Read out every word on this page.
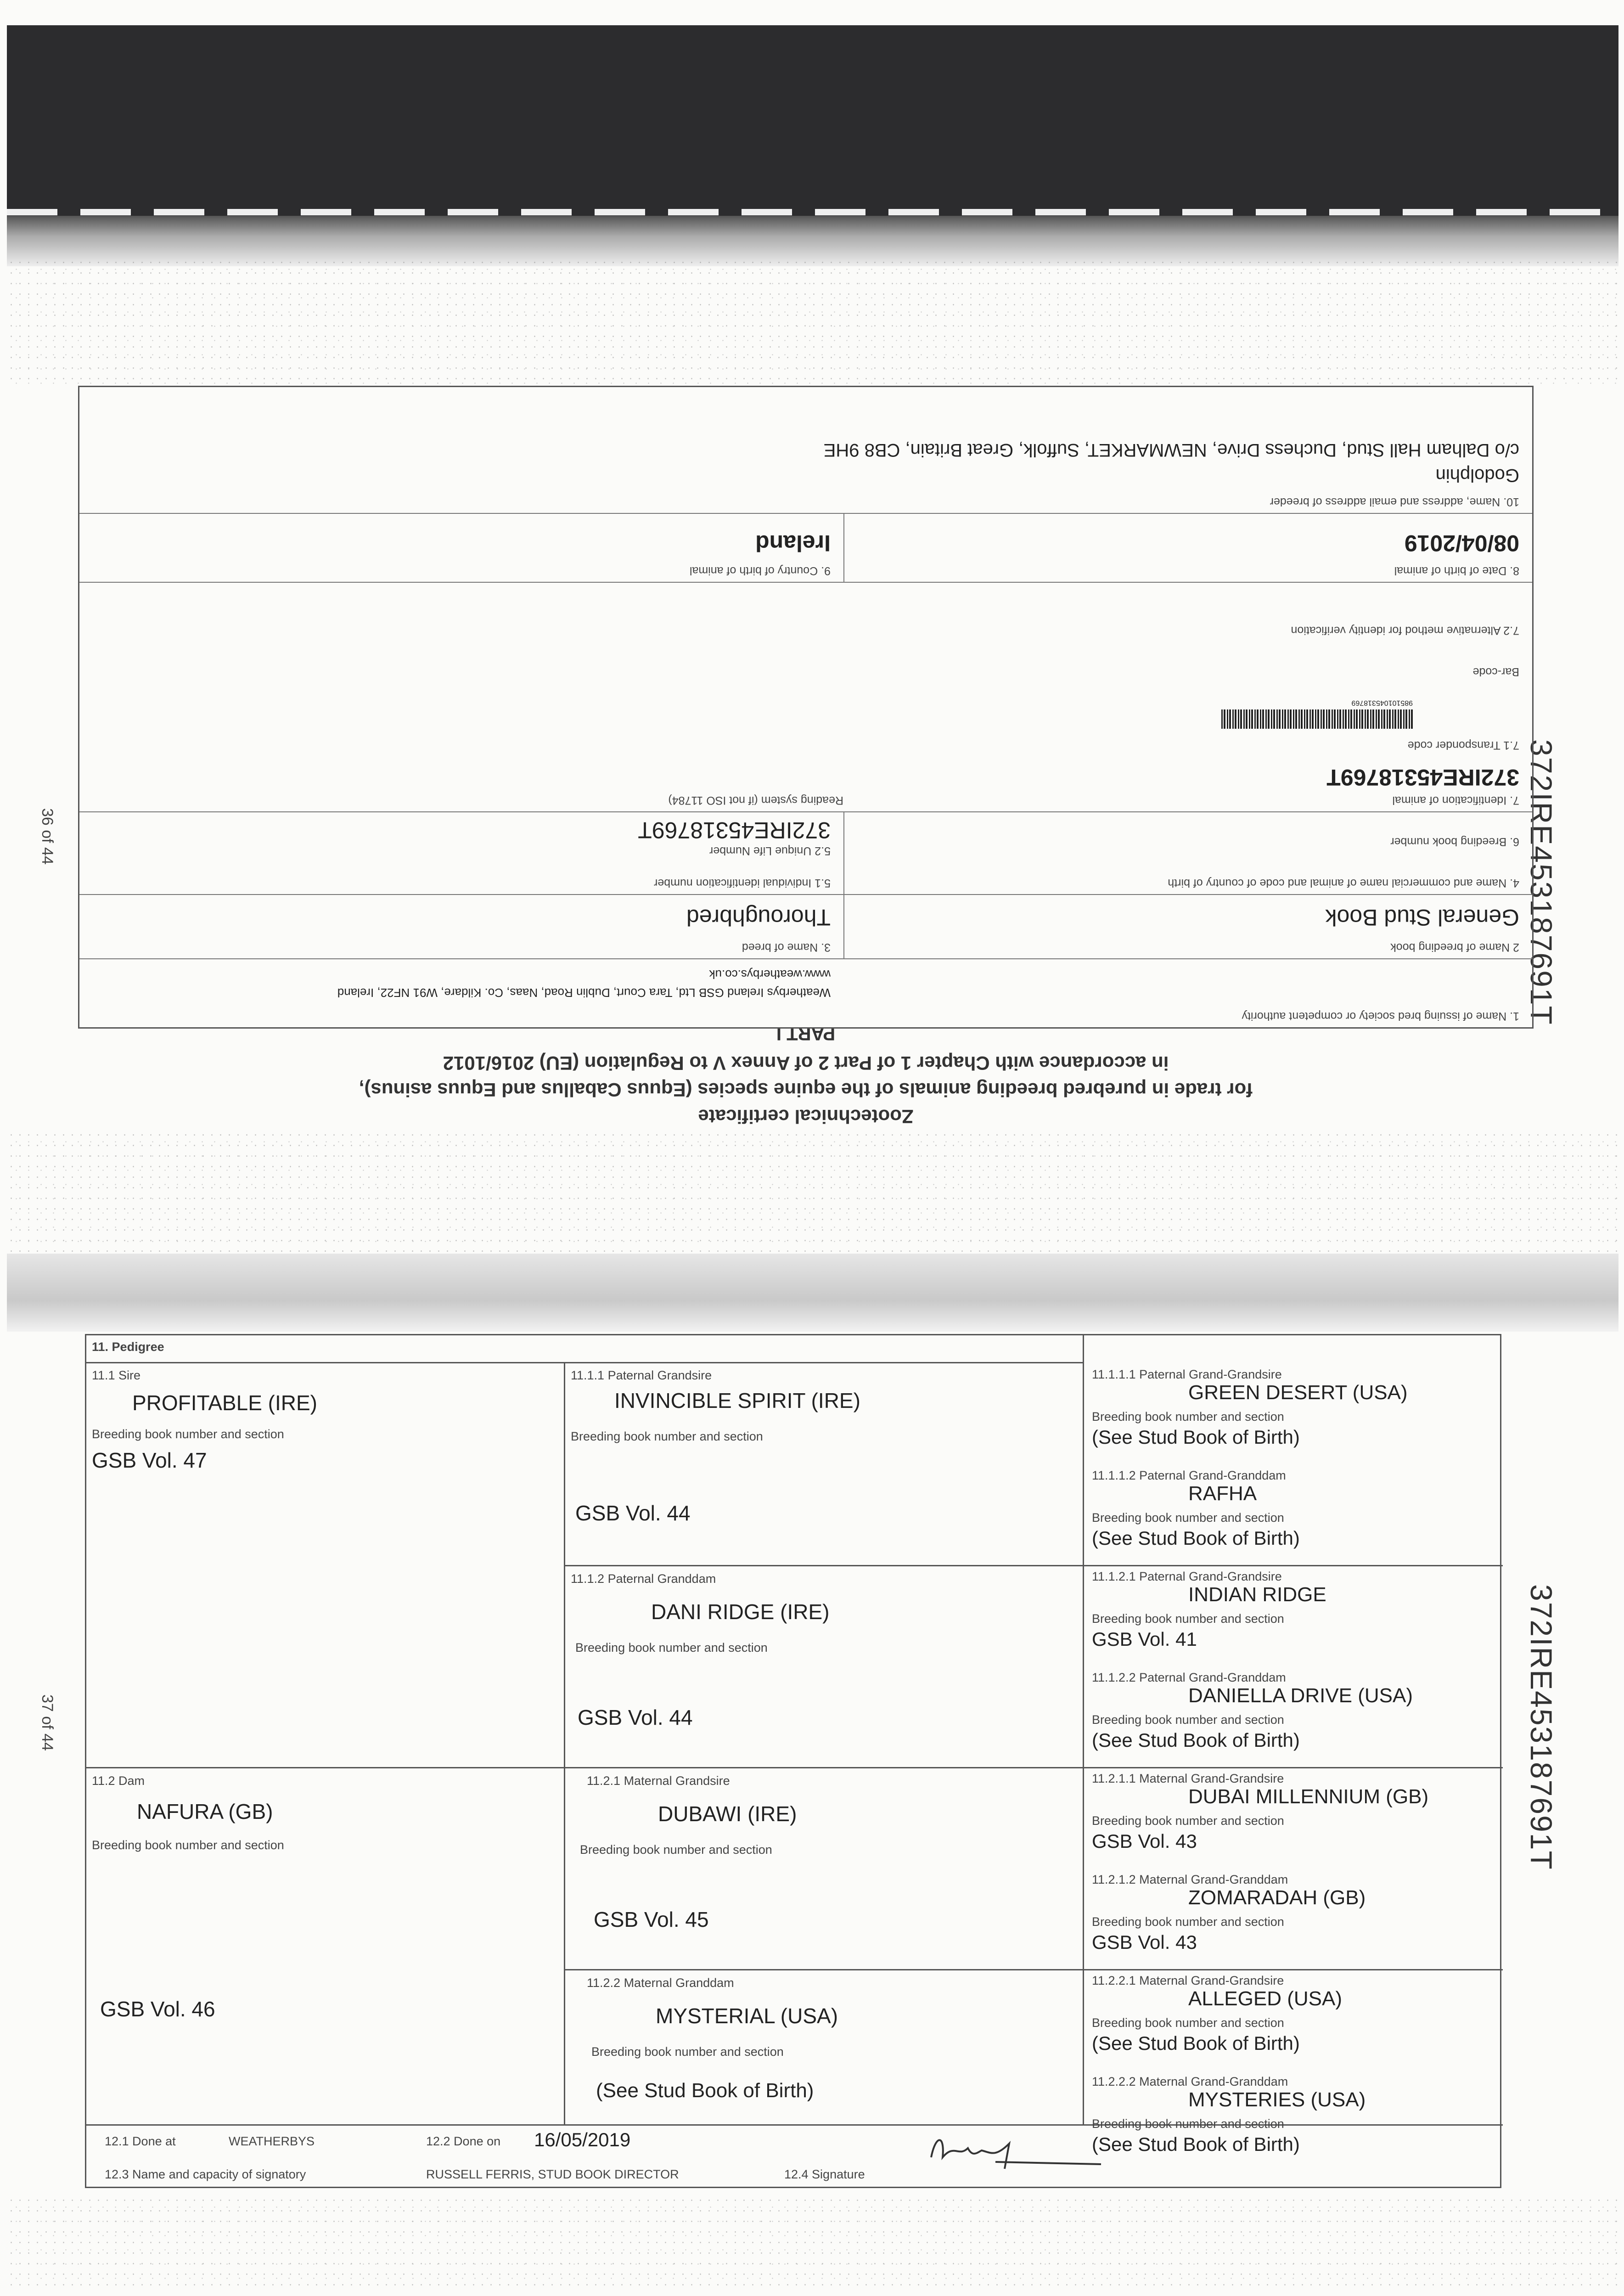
36 of 44
37 of 44
372IRE453187691T
372IRE453187691T
Zootechnical certificate
for trade in purebred breeding animals of the equine species (Equus Caballus and Equus asinus),
in accordance with Chapter 1 of Part 2 of Annex V to Regulation (EU) 2016/1012
PART I
1. Name of issuing bred society or competent authority
Weatherbys Ireland GSB Ltd, Tara Court, Dublin Road, Naas, Co. Kildare, W91 NF22, Ireland
www.weatherbys.co.uk
2 Name of breeding book
General Stud Book
3. Name of breed
Thoroughbred
4. Name and commercial name of animal and code of country of birth
6. Breeding book number
5.1 Individual identification number
5.2 Unique Life Number
372IRE45318769T
7. Identification of animal
372IRE45318769T
Reading system (if not ISO 11784)
7.1 Transponder code
985101045318769
Bar-code
7.2 Alternative method for identity verification
8. Date of birth of animal
08/04/2019
9. Country of birth of animal
Ireland
10. Name, address and email address of breeder
Godolphin
c/o Dalham Hall Stud, Duchess Drive, NEWMARKET, Suffolk, Great Britain, CB8 9HE
11. Pedigree
11.1 Sire
PROFITABLE (IRE)
Breeding book number and section
GSB Vol. 47
11.2 Dam
NAFURA (GB)
Breeding book number and section
GSB Vol. 46
11.1.1 Paternal Grandsire
INVINCIBLE SPIRIT (IRE)
Breeding book number and section
GSB Vol. 44
11.1.2 Paternal Granddam
DANI RIDGE (IRE)
Breeding book number and section
GSB Vol. 44
11.2.1 Maternal Grandsire
DUBAWI (IRE)
Breeding book number and section
GSB Vol. 45
11.2.2 Maternal Granddam
MYSTERIAL (USA)
Breeding book number and section
(See Stud Book of Birth)
11.1.1.1 Paternal Grand-Grandsire
GREEN DESERT (USA)
Breeding book number and section
(See Stud Book of Birth)
11.1.1.2 Paternal Grand-Granddam
RAFHA
Breeding book number and section
(See Stud Book of Birth)
11.1.2.1 Paternal Grand-Grandsire
INDIAN RIDGE
Breeding book number and section
GSB Vol. 41
11.1.2.2 Paternal Grand-Granddam
DANIELLA DRIVE (USA)
Breeding book number and section
(See Stud Book of Birth)
11.2.1.1 Maternal Grand-Grandsire
DUBAI MILLENNIUM (GB)
Breeding book number and section
GSB Vol. 43
11.2.1.2 Maternal Grand-Granddam
ZOMARADAH (GB)
Breeding book number and section
GSB Vol. 43
11.2.2.1 Maternal Grand-Grandsire
ALLEGED (USA)
Breeding book number and section
(See Stud Book of Birth)
11.2.2.2 Maternal Grand-Granddam
MYSTERIES (USA)
Breeding book number and section
(See Stud Book of Birth)
12.1 Done at	WEATHERBYS	12.2 Done on 16/05/2019
12.3 Name and capacity of signatory	RUSSELL FERRIS, STUD BOOK DIRECTOR	12.4 Signature
